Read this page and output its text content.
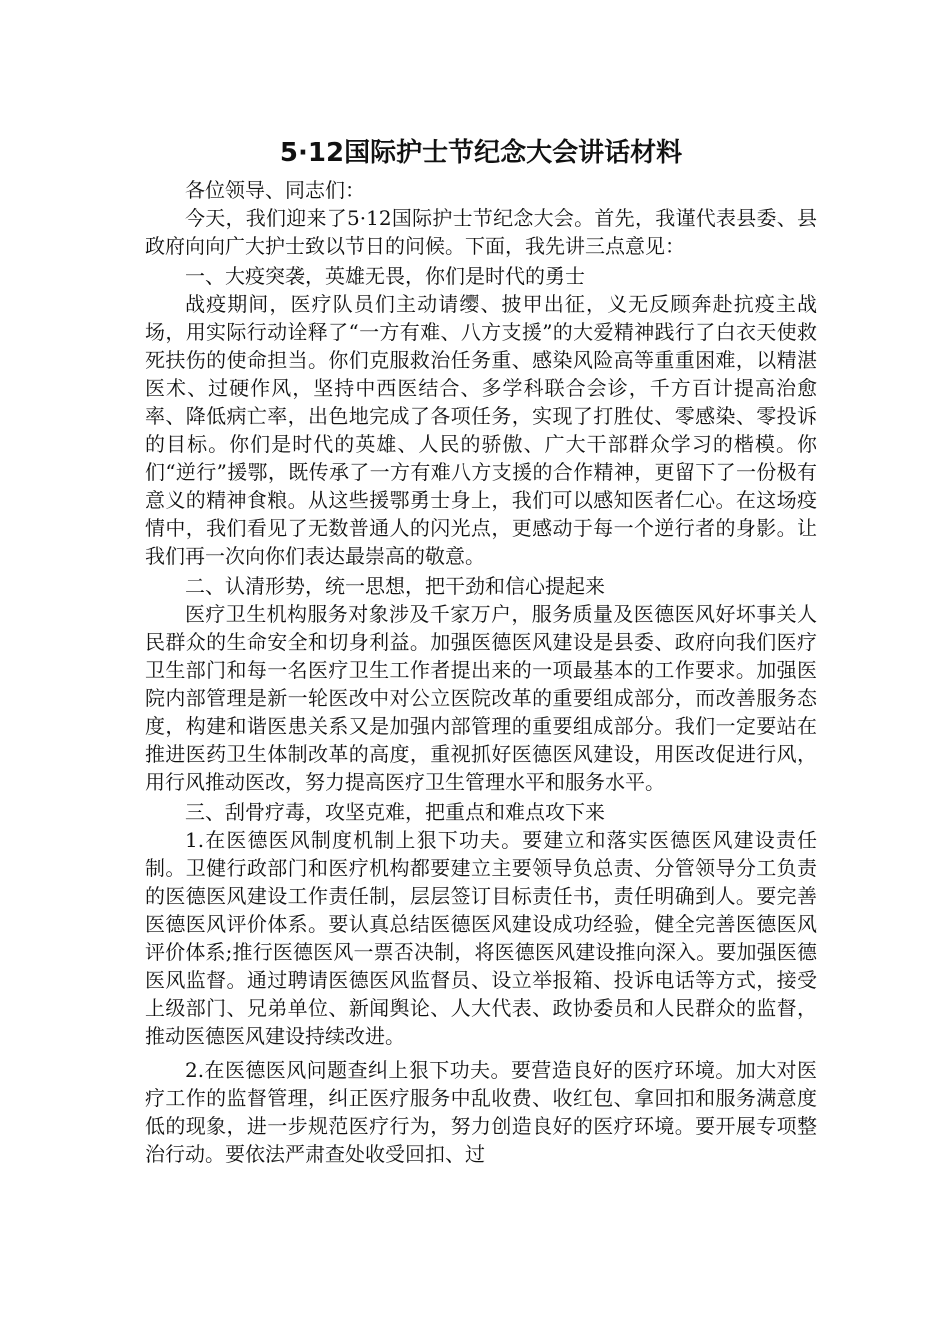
5·12国际护士节纪念大会讲话材料

各位领导、同志们：

今天，我们迎来了5·12国际护士节纪念大会。首先，我谨代表县委、县政府向向广大护士致以节日的问候。下面，我先讲三点意见：

一、大疫突袭，英雄无畏，你们是时代的勇士

战疫期间，医疗队员们主动请缨、披甲出征，义无反顾奔赴抗疫主战场，用实际行动诠释了“一方有难、八方支援”的大爱精神践行了白衣天使救死扶伤的使命担当。你们克服救治任务重、感染风险高等重重困难，以精湛医术、过硬作风，坚持中西医结合、多学科联合会诊，千方百计提高治愈率、降低病亡率，出色地完成了各项任务，实现了打胜仗、零感染、零投诉的目标。你们是时代的英雄、人民的骄傲、广大干部群众学习的楷模。你们“逆行”援鄂，既传承了一方有难八方支援的合作精神，更留下了一份极有意义的精神食粮。从这些援鄂勇士身上，我们可以感知医者仁心。在这场疫情中，我们看见了无数普通人的闪光点，更感动于每一个逆行者的身影。让我们再一次向你们表达最崇高的敬意。

二、认清形势，统一思想，把干劲和信心提起来

医疗卫生机构服务对象涉及千家万户，服务质量及医德医风好坏事关人民群众的生命安全和切身利益。加强医德医风建设是县委、政府向我们医疗卫生部门和每一名医疗卫生工作者提出来的一项最基本的工作要求。加强医院内部管理是新一轮医改中对公立医院改革的重要组成部分，而改善服务态度，构建和谐医患关系又是加强内部管理的重要组成部分。我们一定要站在推进医药卫生体制改革的高度，重视抓好医德医风建设，用医改促进行风，用行风推动医改，努力提高医疗卫生管理水平和服务水平。

三、刮骨疗毒，攻坚克难，把重点和难点攻下来

1.在医德医风制度机制上狠下功夫。要建立和落实医德医风建设责任制。卫健行政部门和医疗机构都要建立主要领导负总责、分管领导分工负责的医德医风建设工作责任制，层层签订目标责任书，责任明确到人。要完善医德医风评价体系。要认真总结医德医风建设成功经验，健全完善医德医风评价体系;推行医德医风一票否决制，将医德医风建设推向深入。要加强医德医风监督。通过聘请医德医风监督员、设立举报箱、投诉电话等方式，接受上级部门、兄弟单位、新闻舆论、人大代表、政协委员和人民群众的监督，推动医德医风建设持续改进。

2.在医德医风问题查纠上狠下功夫。要营造良好的医疗环境。加大对医疗工作的监督管理，纠正医疗服务中乱收费、收红包、拿回扣和服务满意度低的现象，进一步规范医疗行为，努力创造良好的医疗环境。要开展专项整治行动。要依法严肃查处收受回扣、过
